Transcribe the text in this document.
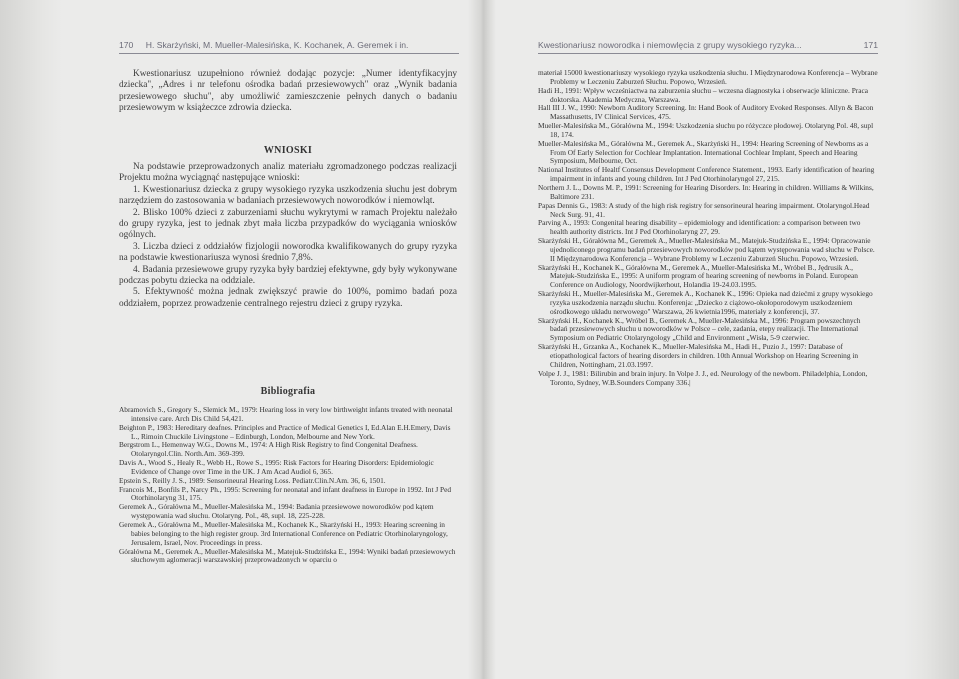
170 H. Skarżyński, M. Mueller-Malesińska, K. Kochanek, A. Geremek i in.

Kwestionariusz uzupełniono również dodając pozycje: „Numer identyfikacyjny dziecka", „Adres i nr telefonu ośrodka badań przesiewowych" oraz „Wynik badania przesiewowego słuchu", aby umożliwić zamieszczenie pełnych danych o badaniu przesiewowym w książeczce zdrowia dziecka.

WNIOSKI

Na podstawie przeprowadzonych analiz materiału zgromadzonego podczas realizacji Projektu można wyciągnąć następujące wnioski:

1. Kwestionariusz dziecka z grupy wysokiego ryzyka uszkodzenia słuchu jest dobrym narzędziem do zastosowania w badaniach przesiewowych noworodków i niemowląt.

2. Blisko 100% dzieci z zaburzeniami słuchu wykrytymi w ramach Projektu należało do grupy ryzyka, jest to jednak zbyt mała liczba przypadków do wyciągania wniosków ogólnych.

3. Liczba dzieci z oddziałów fizjologii noworodka kwalifikowanych do grupy ryzyka na podstawie kwestionariusza wynosi średnio 7,8%.

4. Badania przesiewowe grupy ryzyka były bardziej efektywne, gdy były wykonywane podczas pobytu dziecka na oddziale.

5. Efektywność można jednak zwiększyć prawie do 100%, pomimo badań poza oddziałem, poprzez prowadzenie centralnego rejestru dzieci z grupy ryzyka.

Bibliografia

Abramovich S., Gregory S., Slemick M., 1979: Hearing loss in very low birthweight infants treated with neonatal intensive care. Arch Dis Child 54,421.

Beighton P., 1983: Hereditary deafnes. Principles and Practice of Medical Genetics I, Ed.Alan E.H.Emery, Davis L., Rimoin Chuckile Livingstone – Edinburgh, London, Melbourne and New York.

Bergstrom L., Hemenway W.G., Downs M., 1974: A High Risk Registry to find Congenital Deafness. Otolaryngol.Clin. North.Am. 369-399.

Davis A., Wood S., Healy R., Webb H., Rowe S., 1995: Risk Factors for Hearing Disorders: Epidemiologic Evidence of Change over Time in the UK. J Am Acad Audiol 6, 365.

Epstein S., Reilly J. S., 1989: Sensorineural Hearing Loss. Pediatr.Clin.N.Am. 36, 6, 1501.

Francois M., Bonfils P., Narcy Ph., 1995: Screening for neonatal and infant deafness in Europe in 1992. Int J Ped Otorhinolaryng 31, 175.

Geremek A., Górałówna M., Mueller-Malesińska M., 1994: Badania przesiewowe noworodków pod kątem występowania wad słuchu. Otolaryng. Pol., 48, supl. 18, 225-228.

Geremek A., Górałówna M., Mueller-Malesińska M., Kochanek K., Skarżyński H., 1993: Hearing screening in babies belonging to the high register group. 3rd International Conference on Pediatric Otorhinolaryngology, Jerusalem, Israel, Nov. Proceedings in press.

Górałówna M., Geremek A., Mueller-Malesińska M., Matejuk-Studzińska E., 1994: Wyniki badań przesiewowych słuchowym aglomeracji warszawskiej przeprowadzonych w oparciu o

Kwestionariusz noworodka i niemowlęcia z grupy wysokiego ryzyka...	171

materiał 15000 kwestionariuszy wysokiego ryzyka uszkodzenia słuchu. I Międzynarodowa Konferencja – Wybrane Problemy w Leczeniu Zaburzeń Słuchu. Popowo, Wrzesień.

Hadi H., 1991: Wpływ wcześniactwa na zaburzenia słuchu – wczesna diagnostyka i obserwacje kliniczne. Praca doktorska. Akademia Medyczna, Warszawa.

Hall III J. W., 1990: Newborn Auditory Screening. In: Hand Book of Auditory Evoked Responses. Allyn & Bacon Massathusetts, IV Clinical Services, 475.

Mueller-Malesińska M., Górałówna M., 1994: Uszkodzenia słuchu po różyczce płodowej. Otolaryng Pol. 48, supl 18, 174.

Mueller-Malesińska M., Górałówna M., Geremek A., Skarżyński H., 1994: Hearing Screening of Newborns as a From Of Early Selection for Cochlear Implantation. International Cochlear Implant, Speech and Hearing Symposium, Melbourne, Oct.

National Institutes of Healtf Consensus Development Conference Statement., 1993. Early identification of hearing impairment in infants and young children. Int J Ped Otorhinolaryngol 27, 215.

Northern J. L., Downs M. P., 1991: Screening for Hearing Disorders. In: Hearing in children. Williams & Wilkins, Baltimore 231.

Papas Dennis G., 1983: A study of the high risk registry for sensorineural hearing impairment. Otolaryngol.Head Neck Surg. 91, 41.

Parving A., 1993: Congenital hearing disability – epidemiology and identification: a comparison between two health authority districts. Int J Ped Otorhinolaryng 27, 29.

Skarżyński H., Górałówna M., Geremek A., Mueller-Malesińska M., Matejuk-Studzińska E., 1994: Opracowanie ujednoliconego programu badań przesiewowych noworodków pod kątem występowania wad słuchu w Polsce. II Międzynarodowa Konferencja – Wybrane Problemy w Leczeniu Zaburzeń Słuchu. Popowo, Wrzesień.

Skarżyński H., Kochanek K., Górałówna M., Geremek A., Mueller-Malesińska M., Wróbel B., Jędrusik A., Matejuk-Studzińska E., 1995: A uniform program of hearing screening of newborns in Poland. European Conference on Audiology, Noordwijkerhout, Holandia 19-24.03.1995.

Skarżyński H., Mueller-Malesińska M., Geremek A., Kochanek K., 1996: Opieka nad dziećmi z grupy wysokiego ryzyka uszkodzenia narządu słuchu. Konferenja: „Dziecko z ciążowo-okołoporodowym uszkodzeniem ośrodkowego układu nerwowego" Warszawa, 26 kwietnia1996, materiały z konferencji, 37.

Skarżyński H., Kochanek K., Wróbel B., Geremek A., Mueller-Malesińska M., 1996: Program powszechnych badań przesiewowych słuchu u noworodków w Polsce – cele, zadania, etepy realizacji. The International Symposium on Pediatric Otolaryngology „Child and Environment „Wisła, 5-9 czerwiec.

Skarżyński H., Grzanka A., Kochanek K., Mueller-Malesińska M., Hadi H., Puzio J., 1997: Database of etiopathological factors of hearing disorders in children. 10th Annual Workshop on Hearing Screening in Children, Nottingham, 21.03.1997.

Volpe J. J., 1981: Bilirubin and brain injury. In Volpe J. J., ed. Neurology of the newborn. Philadelphia, London, Toronto, Sydney, W.B.Sounders Company 336.|
